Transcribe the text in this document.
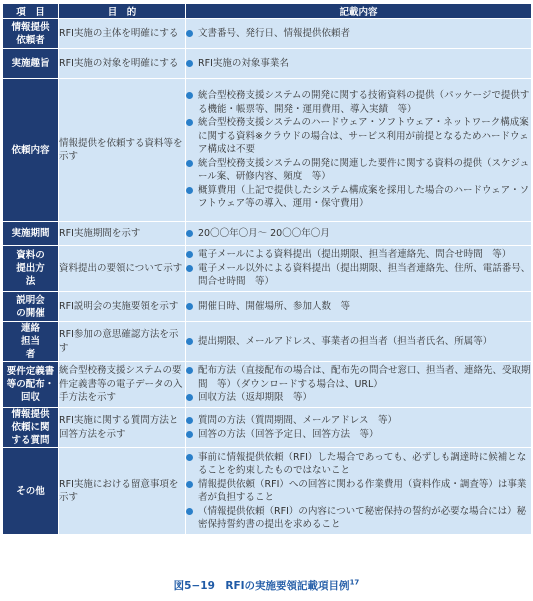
項　目	目　的	記載内容

情報提供依頼者	RFI実施の主体を明確にする	文書番号、発行日、情報提供依頼者

実施趣旨	RFI実施の対象を明確にする	RFI実施の対象事業名

依頼内容	情報提供を依頼する資料等を示す	統合型校務支援システムの開発に関する技術資料の提供（パッケージで提供する機能・帳票等、開発・運用費用、導入実績　等）
統合型校務支援システムのハードウェア・ソフトウェア・ネットワーク構成案に関する資料※クラウドの場合は、サービス利用が前提となるためハードウェア構成は不要
統合型校務支援システムの開発に関連した要件に関する資料の提供（スケジュール案、研修内容、頻度　等）
概算費用（上記で提供したシステム構成案を採用した場合のハードウェア・ソフトウェア等の導入、運用・保守費用）

実施期間	RFI実施期間を示す	20〇〇年〇月～ 20〇〇年〇月

資料の提出方法	資料提出の要領について示す	電子メールによる資料提出（提出期限、担当者連絡先、問合せ時間　等）
電子メール以外による資料提出（提出期限、担当者連絡先、住所、電話番号、問合せ時間　等）

説明会の開催	RFI説明会の実施要領を示す	開催日時、開催場所、参加人数　等

連絡担当者	RFI参加の意思確認方法を示す	提出期限、メールアドレス、事業者の担当者（担当者氏名、所属等）

要件定義書等の配布・回収	統合型校務支援システムの要件定義書等の電子データの入手方法を示す	配布方法（直接配布の場合は、配布先の問合せ窓口、担当者、連絡先、受取期間　等）（ダウンロードする場合は、URL）
回収方法（返却期限　等）

情報提供依頼に関する質問	RFI実施に関する質問方法と回答方法を示す	質問の方法（質問期間、メールアドレス　等）
回答の方法（回答予定日、回答方法　等）

その他	RFI実施における留意事項を示す	事前に情報提供依頼（RFI）した場合であっても、必ずしも調達時に候補となることを約束したものではないこと
情報提供依頼（RFI）への回答に関わる作業費用（資料作成・調査等）は事業者が負担すること
（情報提供依頼（RFI）の内容について秘密保持の誓約が必要な場合には）秘密保持誓約書の提出を求めること
図5−19　RFIの実施要領記載項目例$^{17}$
